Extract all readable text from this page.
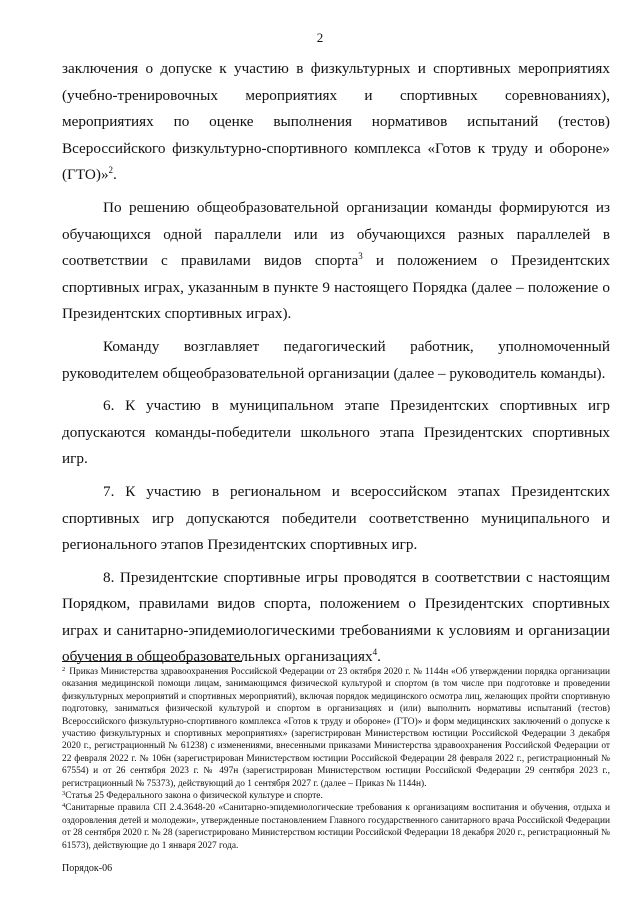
2

заключения о допуске к участию в физкультурных и спортивных мероприятиях (учебно-тренировочных мероприятиях и спортивных соревнованиях), мероприятиях по оценке выполнения нормативов испытаний (тестов) Всероссийского физкультурно-спортивного комплекса «Готов к труду и обороне» (ГТО)»$^2$.

По решению общеобразовательной организации команды формируются из обучающихся одной параллели или из обучающихся разных параллелей в соответствии с правилами видов спорта$^3$ и положением о Президентских спортивных играх, указанным в пункте 9 настоящего Порядка (далее – положение о Президентских спортивных играх).

Команду возглавляет педагогический работник, уполномоченный руководителем общеобразовательной организации (далее – руководитель команды).

6. К участию в муниципальном этапе Президентских спортивных игр допускаются команды-победители школьного этапа Президентских спортивных игр.

7. К участию в региональном и всероссийском этапах Президентских спортивных игр допускаются победители соответственно муниципального и регионального этапов Президентских спортивных игр.

8. Президентские спортивные игры проводятся в соответствии с настоящим Порядком, правилами видов спорта, положением о Президентских спортивных играх и санитарно-эпидемиологическими требованиями к условиям и организации обучения в общеобразовательных организациях$^4$.

$^2$ Приказ Министерства здравоохранения Российской Федерации от 23 октября 2020 г. № 1144н «Об утверждении порядка организации оказания медицинской помощи лицам, занимающимся физической культурой и спортом (в том числе при подготовке и проведении физкультурных мероприятий и спортивных мероприятий), включая порядок медицинского осмотра лиц, желающих пройти спортивную подготовку, заниматься физической культурой и спортом в организациях и (или) выполнить нормативы испытаний (тестов) Всероссийского физкультурно-спортивного комплекса «Готов к труду и обороне» (ГТО)» и форм медицинских заключений о допуске к участию физкультурных и спортивных мероприятиях» (зарегистрирован Министерством юстиции Российской Федерации 3 декабря 2020 г., регистрационный № 61238) с изменениями, внесенными приказами Министерства здравоохранения Российской Федерации от 22 февраля 2022 г. № 106н (зарегистрирован Министерством юстиции Российской Федерации 28 февраля 2022 г., регистрационный № 67554) и от 26 сентября 2023 г. № 497н (зарегистрирован Министерством юстиции Российской Федерации 29 сентября 2023 г., регистрационный № 75373), действующий до 1 сентября 2027 г. (далее – Приказ № 1144н).

$^3$Статья 25 Федерального закона о физической культуре и спорте.

$^4$Санитарные правила СП 2.4.3648-20 «Санитарно-эпидемиологические требования к организациям воспитания и обучения, отдыха и оздоровления детей и молодежи», утвержденные постановлением Главного государственного санитарного врача Российской Федерации от 28 сентября 2020 г. № 28 (зарегистрировано Министерством юстиции Российской Федерации 18 декабря 2020 г., регистрационный № 61573), действующие до 1 января 2027 года.

Порядок-06
